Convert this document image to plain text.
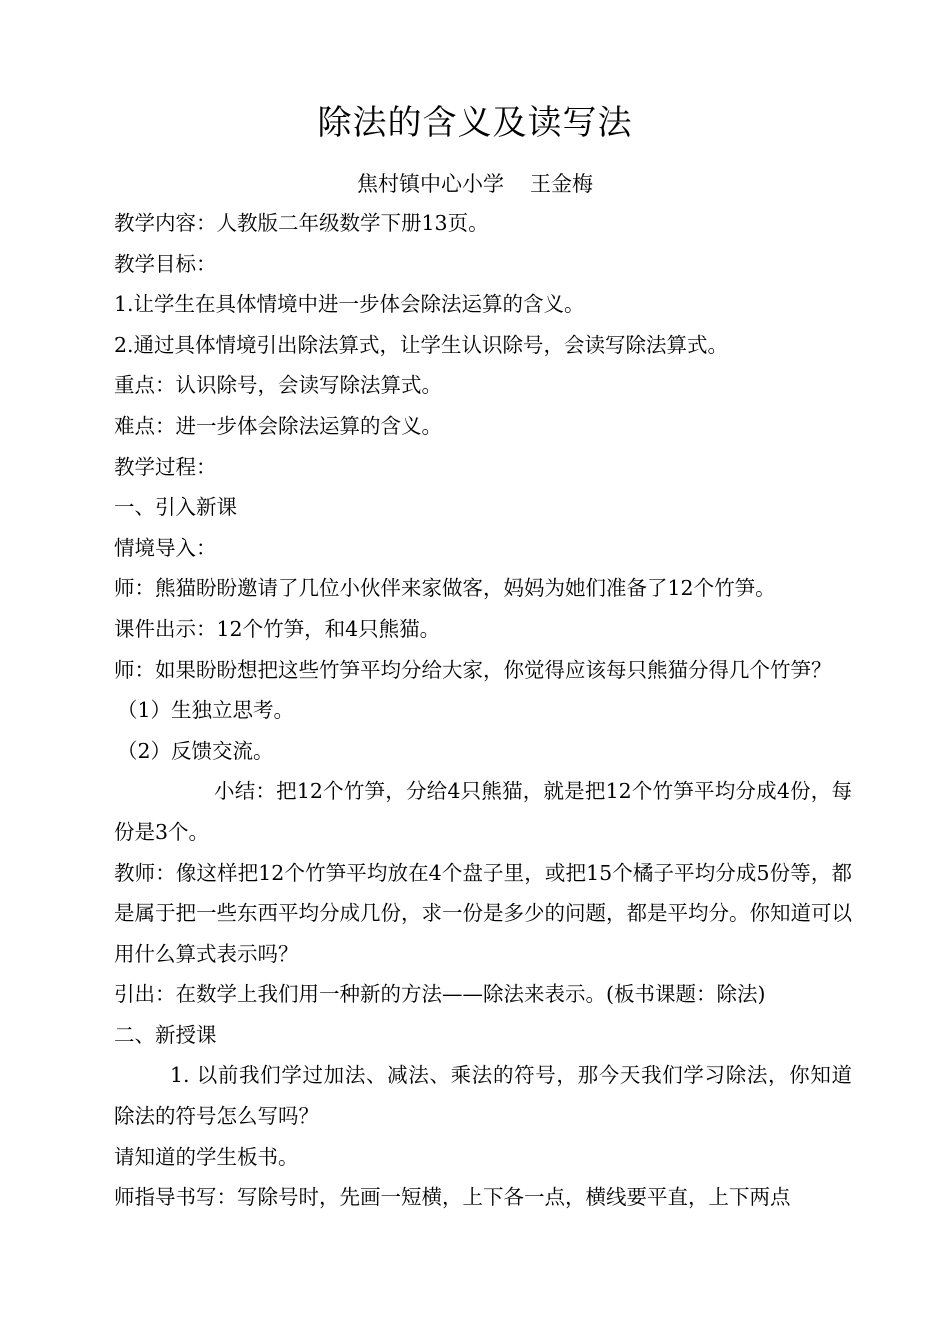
除法的含义及读写法
焦村镇中心小学 王金梅

教学内容：人教版二年级数学下册13页。

教学目标：

1.让学生在具体情境中进一步体会除法运算的含义。

2.通过具体情境引出除法算式，让学生认识除号，会读写除法算式。

重点：认识除号，会读写除法算式。

难点：进一步体会除法运算的含义。

教学过程：

一、引入新课

情境导入：

师：熊猫盼盼邀请了几位小伙伴来家做客，妈妈为她们准备了12个竹笋。

课件出示：12个竹笋，和4只熊猫。

师：如果盼盼想把这些竹笋平均分给大家，你觉得应该每只熊猫分得几个竹笋？

（1）生独立思考。

（2）反馈交流。

小结：把12个竹笋，分给4只熊猫，就是把12个竹笋平均分成4份，每份是3个。

教师：像这样把12个竹笋平均放在4个盘子里，或把15个橘子平均分成5份等，都是属于把一些东西平均分成几份，求一份是多少的问题，都是平均分。你知道可以用什么算式表示吗？

引出：在数学上我们用一种新的方法——除法来表示。(板书课题：除法)

二、新授课

1. 以前我们学过加法、减法、乘法的符号，那今天我们学习除法，你知道除法的符号怎么写吗？

请知道的学生板书。

师指导书写：写除号时，先画一短横，上下各一点，横线要平直，上下两点
